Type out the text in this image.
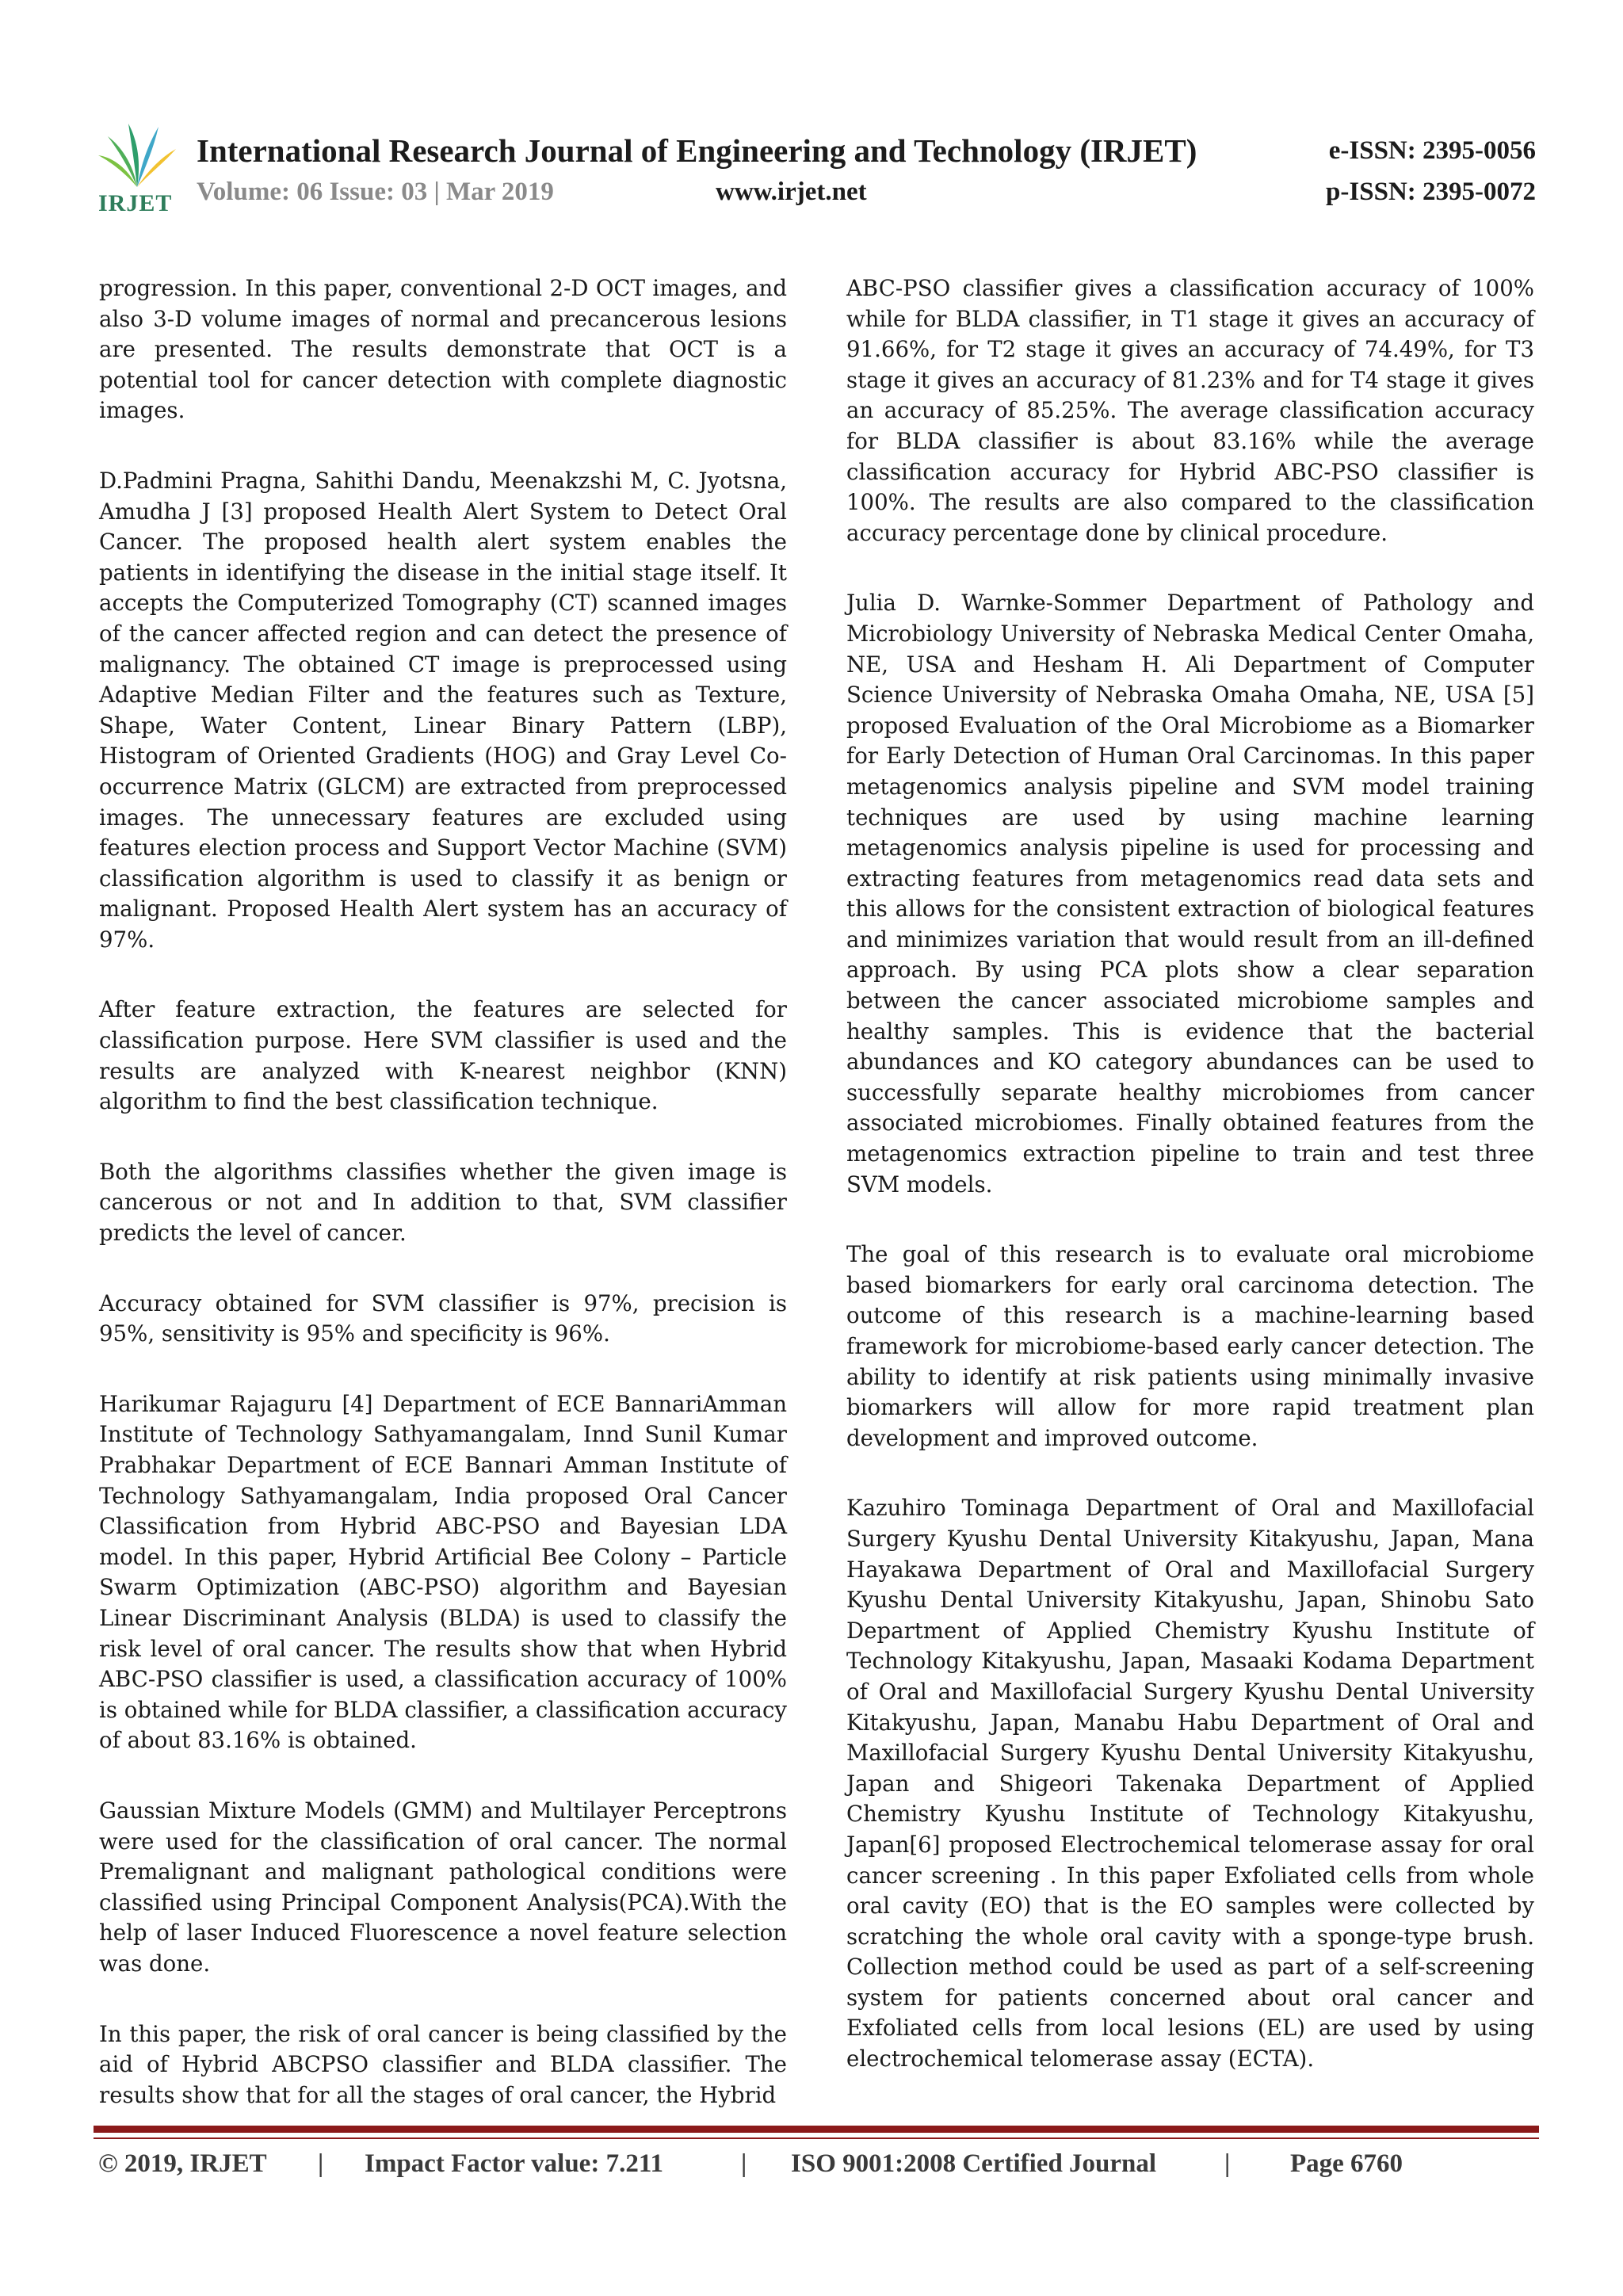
IRJET
International Research Journal of Engineering and Technology (IRJET)
Volume: 06 Issue: 03 | Mar 2019	www.irjet.net
e-ISSN: 2395-0056
p-ISSN: 2395-0072

progression. In this paper, conventional 2-D OCT images, and also 3-D volume images of normal and precancerous lesions are presented. The results demonstrate that OCT is a potential tool for cancer detection with complete diagnostic images.

D.Padmini Pragna, Sahithi Dandu, Meenakzshi M, C. Jyotsna, Amudha J [3] proposed Health Alert System to Detect Oral Cancer. The proposed health alert system enables the patients in identifying the disease in the initial stage itself. It accepts the Computerized Tomography (CT) scanned images of the cancer affected region and can detect the presence of malignancy. The obtained CT image is preprocessed using Adaptive Median Filter and the features such as Texture, Shape, Water Content, Linear Binary Pattern (LBP), Histogram of Oriented Gradients (HOG) and Gray Level Co-occurrence Matrix (GLCM) are extracted from preprocessed images. The unnecessary features are excluded using features election process and Support Vector Machine (SVM) classification algorithm is used to classify it as benign or malignant. Proposed Health Alert system has an accuracy of 97%.

After feature extraction, the features are selected for classification purpose. Here SVM classifier is used and the results are analyzed with K-nearest neighbor (KNN) algorithm to find the best classification technique.

Both the algorithms classifies whether the given image is cancerous or not and In addition to that, SVM classifier predicts the level of cancer.

Accuracy obtained for SVM classifier is 97%, precision is 95%, sensitivity is 95% and specificity is 96%.

Harikumar Rajaguru [4] Department of ECE BannariAmman Institute of Technology Sathyamangalam, Innd Sunil Kumar Prabhakar Department of ECE Bannari Amman Institute of Technology Sathyamangalam, India proposed Oral Cancer Classification from Hybrid ABC-PSO and Bayesian LDA model. In this paper, Hybrid Artificial Bee Colony – Particle Swarm Optimization (ABC-PSO) algorithm and Bayesian Linear Discriminant Analysis (BLDA) is used to classify the risk level of oral cancer. The results show that when Hybrid ABC-PSO classifier is used, a classification accuracy of 100% is obtained while for BLDA classifier, a classification accuracy of about 83.16% is obtained.

Gaussian Mixture Models (GMM) and Multilayer Perceptrons were used for the classification of oral cancer. The normal Premalignant and malignant pathological conditions were classified using Principal Component Analysis(PCA).With the help of laser Induced Fluorescence a novel feature selection was done.

In this paper, the risk of oral cancer is being classified by the aid of Hybrid ABCPSO classifier and BLDA classifier. The results show that for all the stages of oral cancer, the Hybrid

ABC-PSO classifier gives a classification accuracy of 100% while for BLDA classifier, in T1 stage it gives an accuracy of 91.66%, for T2 stage it gives an accuracy of 74.49%, for T3 stage it gives an accuracy of 81.23% and for T4 stage it gives an accuracy of 85.25%. The average classification accuracy for BLDA classifier is about 83.16% while the average classification accuracy for Hybrid ABC-PSO classifier is 100%. The results are also compared to the classification accuracy percentage done by clinical procedure.

Julia D. Warnke-Sommer Department of Pathology and Microbiology University of Nebraska Medical Center Omaha, NE, USA and Hesham H. Ali Department of Computer Science University of Nebraska Omaha Omaha, NE, USA [5] proposed Evaluation of the Oral Microbiome as a Biomarker for Early Detection of Human Oral Carcinomas. In this paper metagenomics analysis pipeline and SVM model training techniques are used by using machine learning metagenomics analysis pipeline is used for processing and extracting features from metagenomics read data sets and this allows for the consistent extraction of biological features and minimizes variation that would result from an ill-defined approach. By using PCA plots show a clear separation between the cancer associated microbiome samples and healthy samples. This is evidence that the bacterial abundances and KO category abundances can be used to successfully separate healthy microbiomes from cancer associated microbiomes. Finally obtained features from the metagenomics extraction pipeline to train and test three SVM models.

The goal of this research is to evaluate oral microbiome based biomarkers for early oral carcinoma detection. The outcome of this research is a machine-learning based framework for microbiome-based early cancer detection. The ability to identify at risk patients using minimally invasive biomarkers will allow for more rapid treatment plan development and improved outcome.

Kazuhiro Tominaga Department of Oral and Maxillofacial Surgery Kyushu Dental University Kitakyushu, Japan, Mana Hayakawa Department of Oral and Maxillofacial Surgery Kyushu Dental University Kitakyushu, Japan, Shinobu Sato Department of Applied Chemistry Kyushu Institute of Technology Kitakyushu, Japan, Masaaki Kodama Department of Oral and Maxillofacial Surgery Kyushu Dental University Kitakyushu, Japan, Manabu Habu Department of Oral and Maxillofacial Surgery Kyushu Dental University Kitakyushu, Japan and Shigeori Takenaka Department of Applied Chemistry Kyushu Institute of Technology Kitakyushu, Japan[6] proposed Electrochemical telomerase assay for oral cancer screening . In this paper Exfoliated cells from whole oral cavity (EO) that is the EO samples were collected by scratching the whole oral cavity with a sponge-type brush. Collection method could be used as part of a self-screening system for patients concerned about oral cancer and Exfoliated cells from local lesions (EL) are used by using electrochemical telomerase assay (ECTA).

© 2019, IRJET | Impact Factor value: 7.211	| ISO 9001:2008 Certified Journal	| Page 6760
